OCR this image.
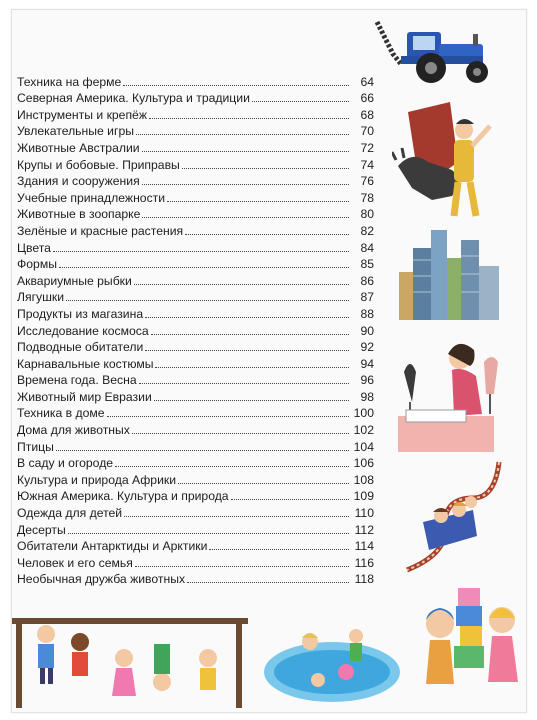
Техника на ферме	64
Северная Америка. Культура и традиции	66
Инструменты и крепёж	68
Увлекательные игры	70
Животные Австралии	72
Крупы и бобовые. Приправы	74
Здания и сооружения	76
Учебные принадлежности	78
Животные в зоопарке	80
Зелёные и красные растения	82
Цвета	84
Формы	85
Аквариумные рыбки	86
Лягушки	87
Продукты из магазина	88
Исследование космоса	90
Подводные обитатели	92
Карнавальные костюмы	94
Времена года. Весна	96
Животный мир Евразии	98
Техника в доме	100
Дома для животных	102
Птицы	104
В саду и огороде	106
Культура и природа Африки	108
Южная Америка. Культура и природа	109
Одежда для детей	110
Десерты	112
Обитатели Антарктиды и Арктики	114
Человек и его семья	116
Необычная дружба животных	118
